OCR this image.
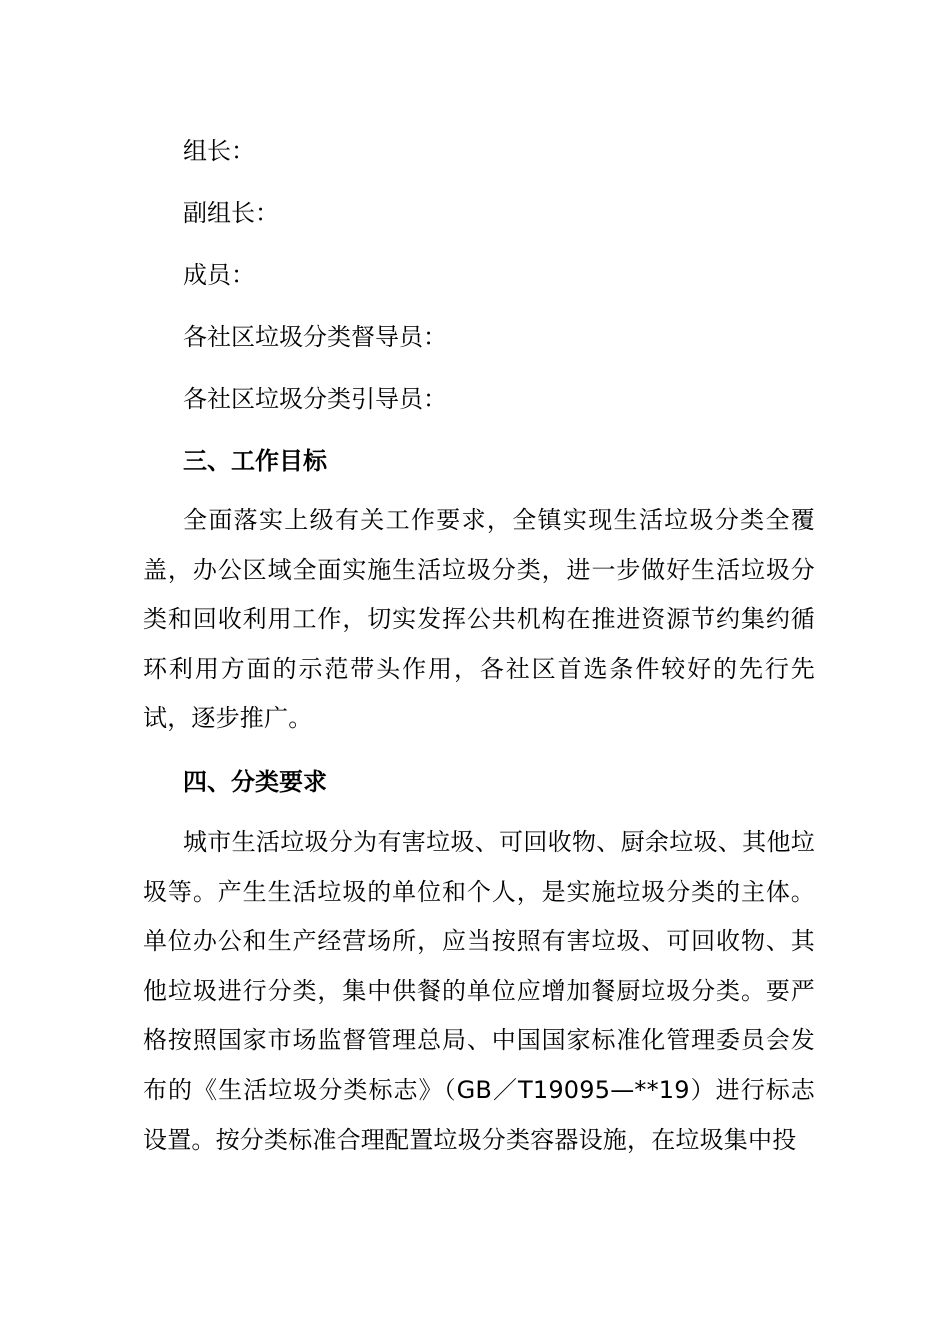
组长：
副组长：
成员：
各社区垃圾分类督导员：
各社区垃圾分类引导员：
三、工作目标
全面落实上级有关工作要求，全镇实现生活垃圾分类全覆盖，办公区域全面实施生活垃圾分类，进一步做好生活垃圾分类和回收利用工作，切实发挥公共机构在推进资源节约集约循环利用方面的示范带头作用，各社区首选条件较好的先行先试，逐步推广。
四、分类要求
城市生活垃圾分为有害垃圾、可回收物、厨余垃圾、其他垃圾等。产生生活垃圾的单位和个人，是实施垃圾分类的主体。单位办公和生产经营场所，应当按照有害垃圾、可回收物、其他垃圾进行分类，集中供餐的单位应增加餐厨垃圾分类。要严格按照国家市场监督管理总局、中国国家标准化管理委员会发布的《生活垃圾分类标志》（GB／T19095—**19）进行标志设置。按分类标准合理配置垃圾分类容器设施，在垃圾集中投
